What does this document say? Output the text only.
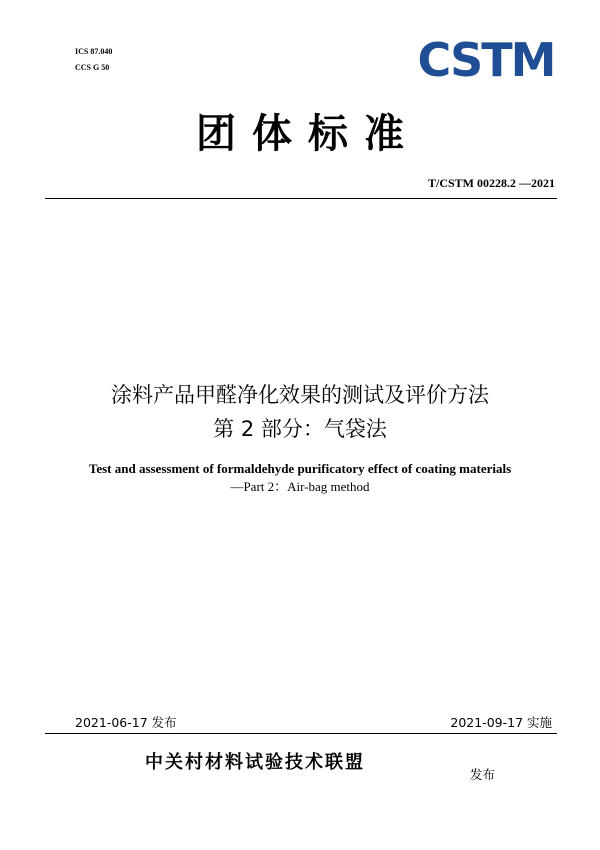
ICS 87.040
CCS G 50	CSTM
团体标准
T/CSTM 00228.2 —2021
涂料产品甲醛净化效果的测试及评价方法
第 2 部分：气袋法
Test and assessment of formaldehyde purificatory effect of coating materials
—Part 2：Air-bag method
2021-06-17 发布	2021-09-17 实施
中关村材料试验技术联盟
发布
